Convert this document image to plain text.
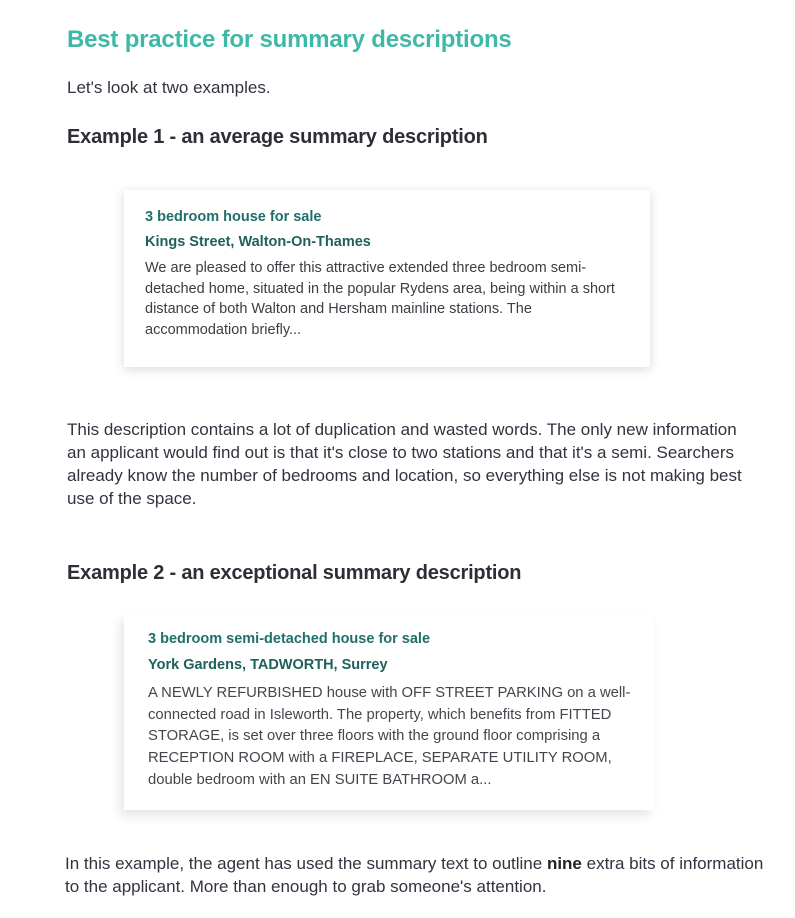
Best practice for summary descriptions

Let's look at two examples.

Example 1 - an average summary description

3 bedroom house for sale

Kings Street, Walton-On-Thames

We are pleased to offer this attractive extended three bedroom semi-detached home, situated in the popular Rydens area, being within a short distance of both Walton and Hersham mainline stations. The accommodation briefly...

This description contains a lot of duplication and wasted words. The only new information an applicant would find out is that it's close to two stations and that it's a semi. Searchers already know the number of bedrooms and location, so everything else is not making best use of the space.

Example 2 - an exceptional summary description

3 bedroom semi-detached house for sale

York Gardens, TADWORTH, Surrey

A NEWLY REFURBISHED house with OFF STREET PARKING on a well-connected road in Isleworth. The property, which benefits from FITTED STORAGE, is set over three floors with the ground floor comprising a RECEPTION ROOM with a FIREPLACE, SEPARATE UTILITY ROOM, double bedroom with an EN SUITE BATHROOM a...

In this example, the agent has used the summary text to outline nine extra bits of information to the applicant. More than enough to grab someone's attention.
